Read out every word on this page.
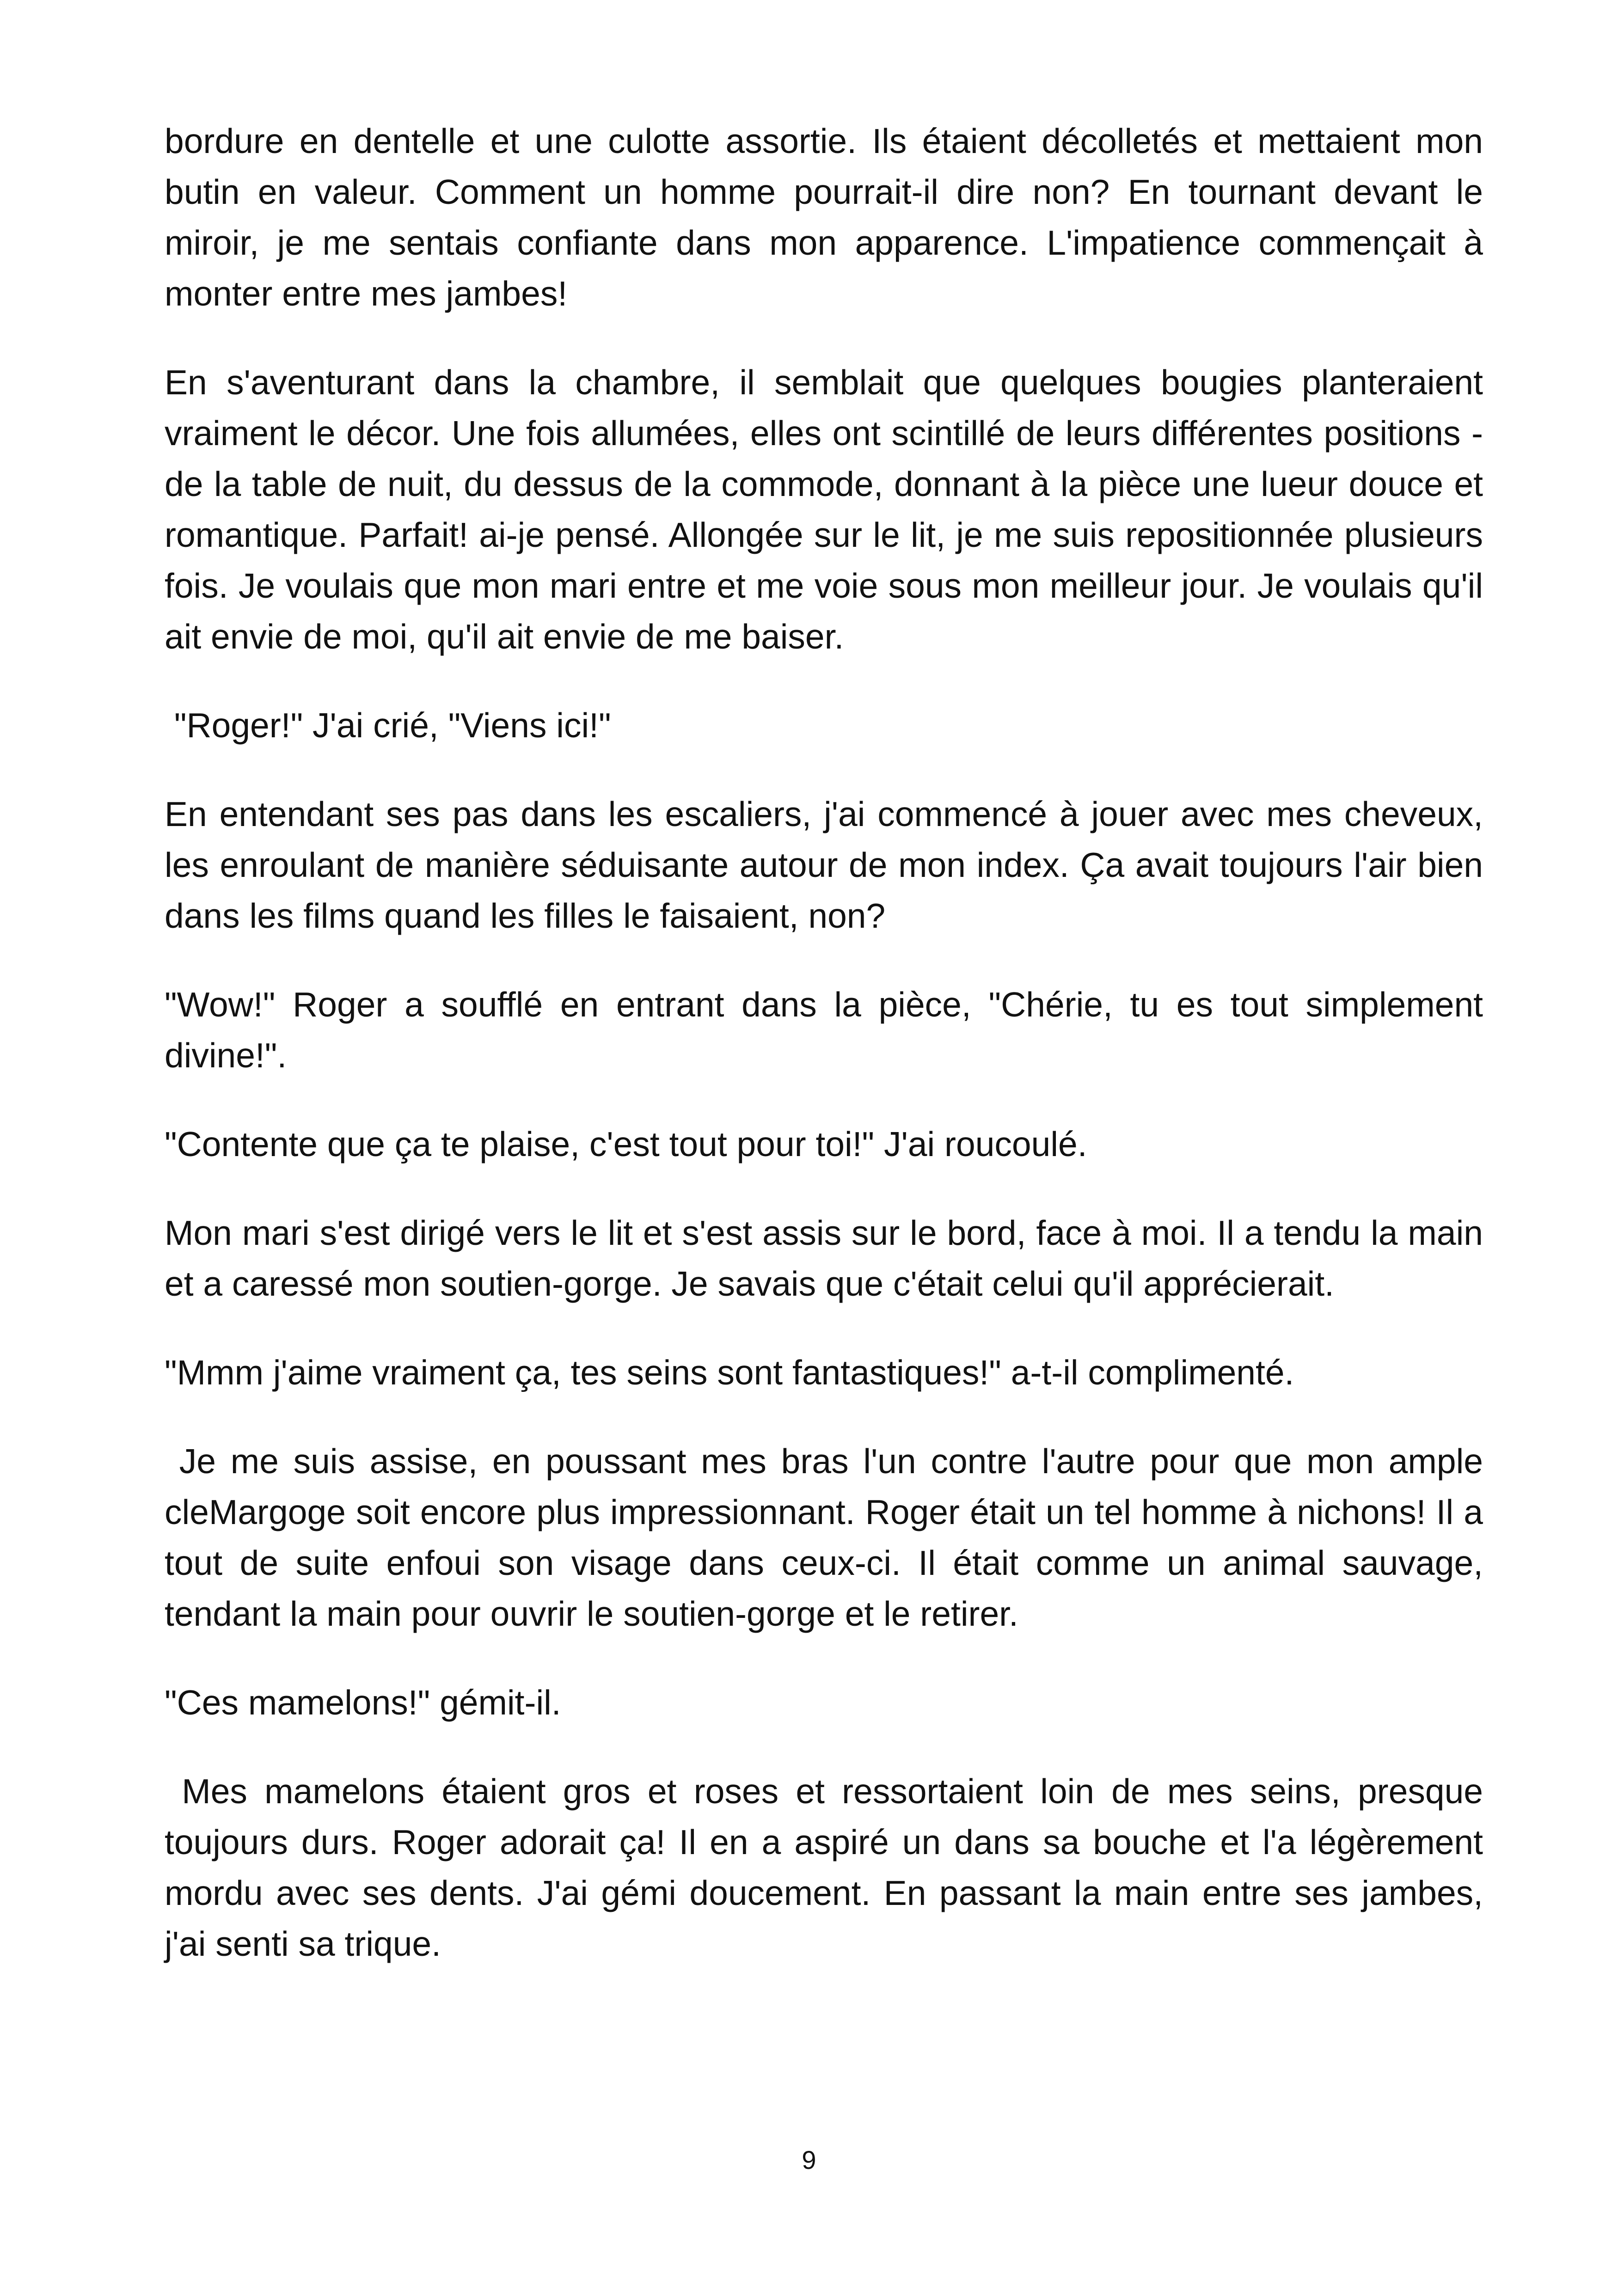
bordure en dentelle et une culotte assortie. Ils étaient décolletés et mettaient mon butin en valeur. Comment un homme pourrait-il dire non? En tournant devant le miroir, je me sentais confiante dans mon apparence. L'impatience commençait à monter entre mes jambes!

En s'aventurant dans la chambre, il semblait que quelques bougies planteraient vraiment le décor. Une fois allumées, elles ont scintillé de leurs différentes positions - de la table de nuit, du dessus de la commode, donnant à la pièce une lueur douce et romantique. Parfait! ai-je pensé. Allongée sur le lit, je me suis repositionnée plusieurs fois. Je voulais que mon mari entre et me voie sous mon meilleur jour. Je voulais qu'il ait envie de moi, qu'il ait envie de me baiser.

"Roger!" J'ai crié, "Viens ici!"

En entendant ses pas dans les escaliers, j'ai commencé à jouer avec mes cheveux, les enroulant de manière séduisante autour de mon index. Ça avait toujours l'air bien dans les films quand les filles le faisaient, non?

"Wow!" Roger a soufflé en entrant dans la pièce, "Chérie, tu es tout simplement divine!".

"Contente que ça te plaise, c'est tout pour toi!" J'ai roucoulé.

Mon mari s'est dirigé vers le lit et s'est assis sur le bord, face à moi. Il a tendu la main et a caressé mon soutien-gorge. Je savais que c'était celui qu'il apprécierait.

"Mmm j'aime vraiment ça, tes seins sont fantastiques!" a-t-il complimenté.

Je me suis assise, en poussant mes bras l'un contre l'autre pour que mon ample cleMargoge soit encore plus impressionnant. Roger était un tel homme à nichons! Il a tout de suite enfoui son visage dans ceux-ci. Il était comme un animal sauvage, tendant la main pour ouvrir le soutien-gorge et le retirer.

"Ces mamelons!" gémit-il.

Mes mamelons étaient gros et roses et ressortaient loin de mes seins, presque toujours durs. Roger adorait ça! Il en a aspiré un dans sa bouche et l'a légèrement mordu avec ses dents. J'ai gémi doucement. En passant la main entre ses jambes, j'ai senti sa trique.

9
